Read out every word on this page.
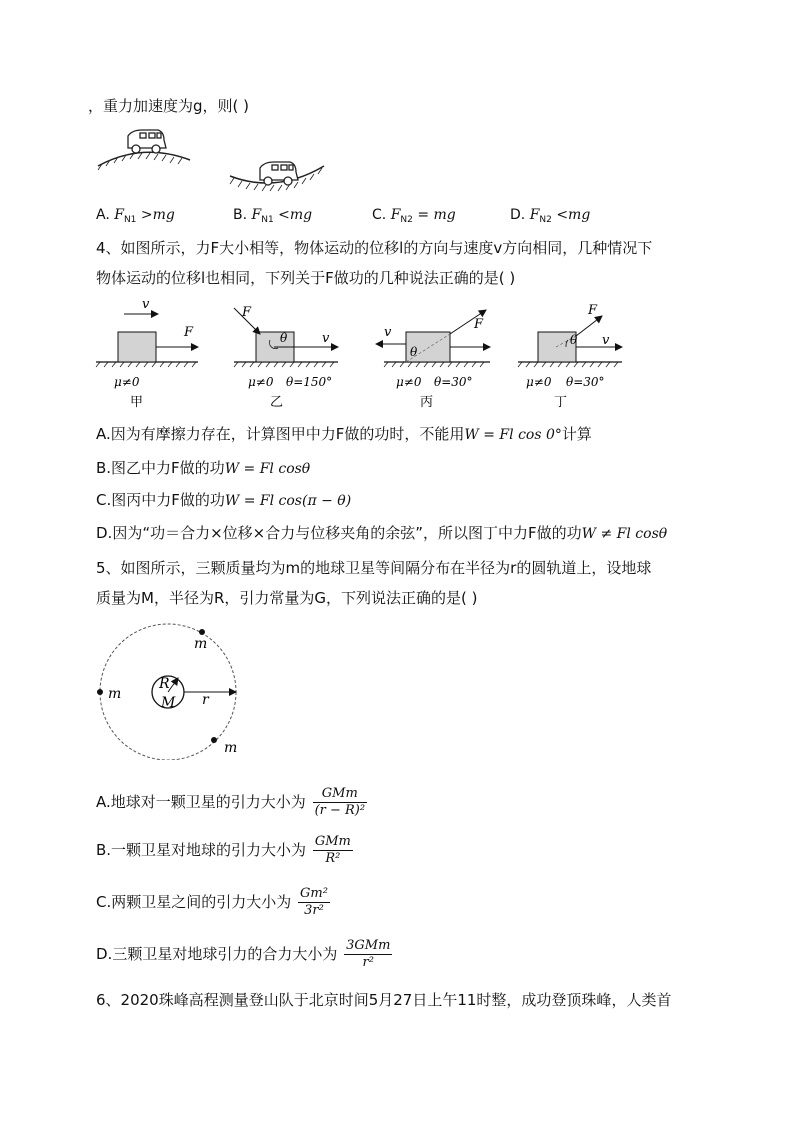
，重力加速度为g，则( )
A. $F_{N1} >mg$	B. $F_{N1} <mg$	C. $F_{N2}$ = mg	D. $F_{N2} <mg$
4、如图所示，力F大小相等，物体运动的位移l的方向与速度v方向相同，几种情况下
物体运动的位移l也相同，下列关于F做功的几种说法正确的是( )
v
F
μ≠0
甲
F
θ	v
μ≠0 θ=150°
乙
v
θ
F
μ≠0 θ=30°
丙
F
θ v
μ≠0 θ=30°
丁
A.因为有摩擦力存在，计算图甲中力F做的功时，不能用W = Fl cos 0°计算
B.图乙中力F做的功W = Fl cosθ
C.图丙中力F做的功W = Fl cos(π − θ)
D.因为“功＝合力×位移×合力与位移夹角的余弦”，所以图丁中力F做的功W ≠ Fl cosθ
5、如图所示，三颗质量均为m的地球卫星等间隔分布在半径为r的圆轨道上，设地球
质量为M，半径为R，引力常量为G，下列说法正确的是( )
m
m
m
R
M r
A.地球对一颗卫星的引力大小为 $\frac{\text{GMm}}{\text{(r − R)²}}$
B.一颗卫星对地球的引力大小为 $\frac{\text{GMm}}{\text{R²}}$
C.两颗卫星之间的引力大小为 $\frac{\text{Gm²}}{\text{3r²}}$
D.三颗卫星对地球引力的合力大小为 $\frac{\text{3GMm}}{\text{r²}}$
6、2020珠峰高程测量登山队于北京时间5月27日上午11时整，成功登顶珠峰，人类首
